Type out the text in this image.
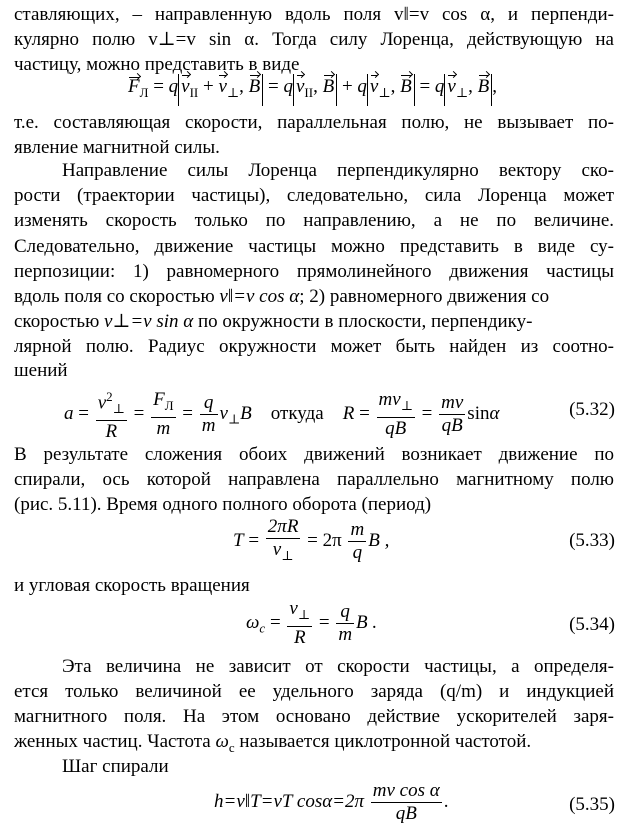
ставляющих, – направленную вдоль поля v‖=v cos α, и перпенди-
кулярно полю v⊥=v sin α. Тогда силу Лоренца, действующую на
частицу, можно представить в виде
$F_Л = q$ $v_{II} + v_\perp$, B = q $v_{II}$, B + q $v_\perp$, B = q $v_\perp$, B ,
т.е. составляющая скорости, параллельная полю, не вызывает по-
явление магнитной силы.
Направление силы Лоренца перпендикулярно вектору ско-
рости (траектории частицы), следовательно, сила Лоренца может
изменять скорость только по направлению, а не по величине.
Следовательно, движение частицы можно представить в виде су-
перпозиции: 1) равномерного прямолинейного движения частицы
вдоль поля со скоростью v‖=v cos α; 2) равномерного движения со
скоростью v⊥=v sin α по окружности в плоскости, перпендику-
лярной полю. Радиус окружности может быть найден из соотно-
шений
$a = \frac{v^2_\perp}{R} = \frac{F_Л}{m} = \frac{q}{m} v_\perp B$ откуда $R = \frac{mv_\perp}{qB} = \frac{mv}{qB}$ sinα	(5.32)
В результате сложения обоих движений возникает движение по
спирали, ось которой направлена параллельно магнитному полю
(рис. 5.11). Время одного полного оборота (период)
$T = \frac{2\pi R}{v_\perp} = 2\pi \frac{m}{q}$ B ,	(5.33)
и угловая скорость вращения
$\omega_c = \frac{v_\perp}{R} = \frac{q}{m}$ B .	(5.34)
Эта величина не зависит от скорости частицы, а определя-
ется только величиной ее удельного заряда (q/m) и индукцией
магнитного поля. На этом основано действие ускорителей заря-
женных частиц. Частота $\omega_c$ называется циклотронной частотой.
Шаг спирали
h=v‖T=vT $\cos\alpha=2\pi \frac{\text{mv cos α}}{qB}$ .	(5.35)
